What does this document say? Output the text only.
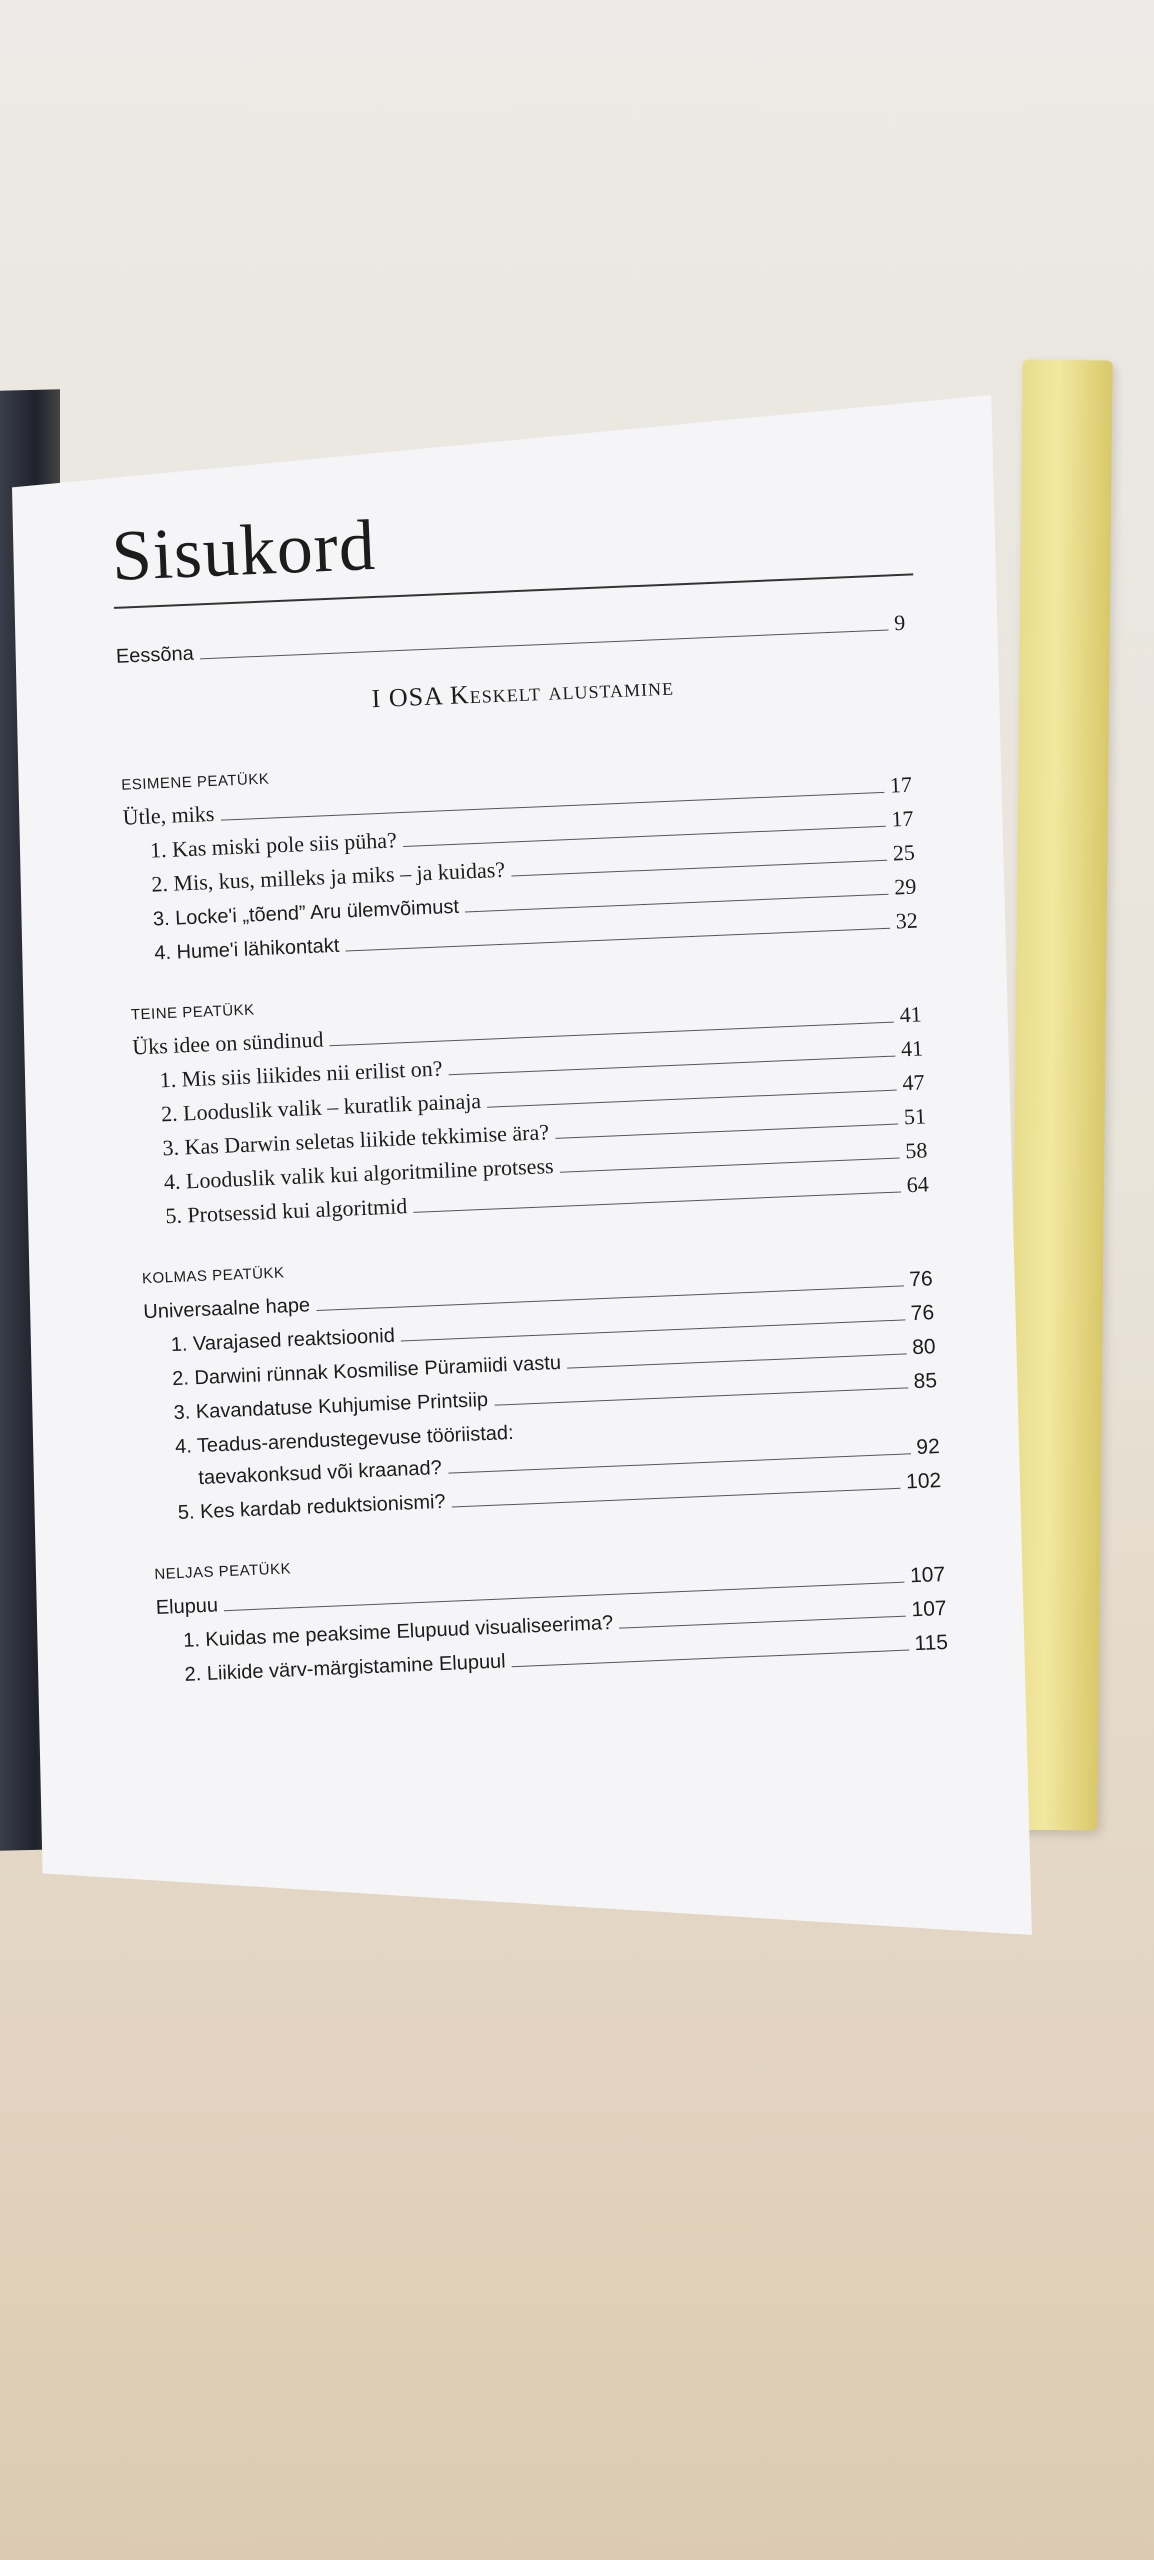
Sisukord
Eessõna
9
I OSA Keskelt alustamine
ESIMENE PEATÜKK
Ütle, miks
17
1. Kas miski pole siis püha?
17
2. Mis, kus, milleks ja miks – ja kuidas?
25
3. Locke'i „tõend” Aru ülemvõimust
29
4. Hume'i lähikontakt
32
TEINE PEATÜKK
Üks idee on sündinud
41
1. Mis siis liikides nii erilist on?
41
2. Looduslik valik – kuratlik painaja
47
3. Kas Darwin seletas liikide tekkimise ära?
51
4. Looduslik valik kui algoritmiline protsess
58
5. Protsessid kui algoritmid
64
KOLMAS PEATÜKK
Universaalne hape
76
1. Varajased reaktsioonid
76
2. Darwini rünnak Kosmilise Püramiidi vastu
80
3. Kavandatuse Kuhjumise Printsiip
85
4. Teadus-arendustegevuse tööriistad:
taevakonksud või kraanad?
92
5. Kes kardab reduktsionismi?
102
NELJAS PEATÜKK
Elupuu
107
1. Kuidas me peaksime Elupuud visualiseerima?
107
2. Liikide värv-märgistamine Elupuul
115
